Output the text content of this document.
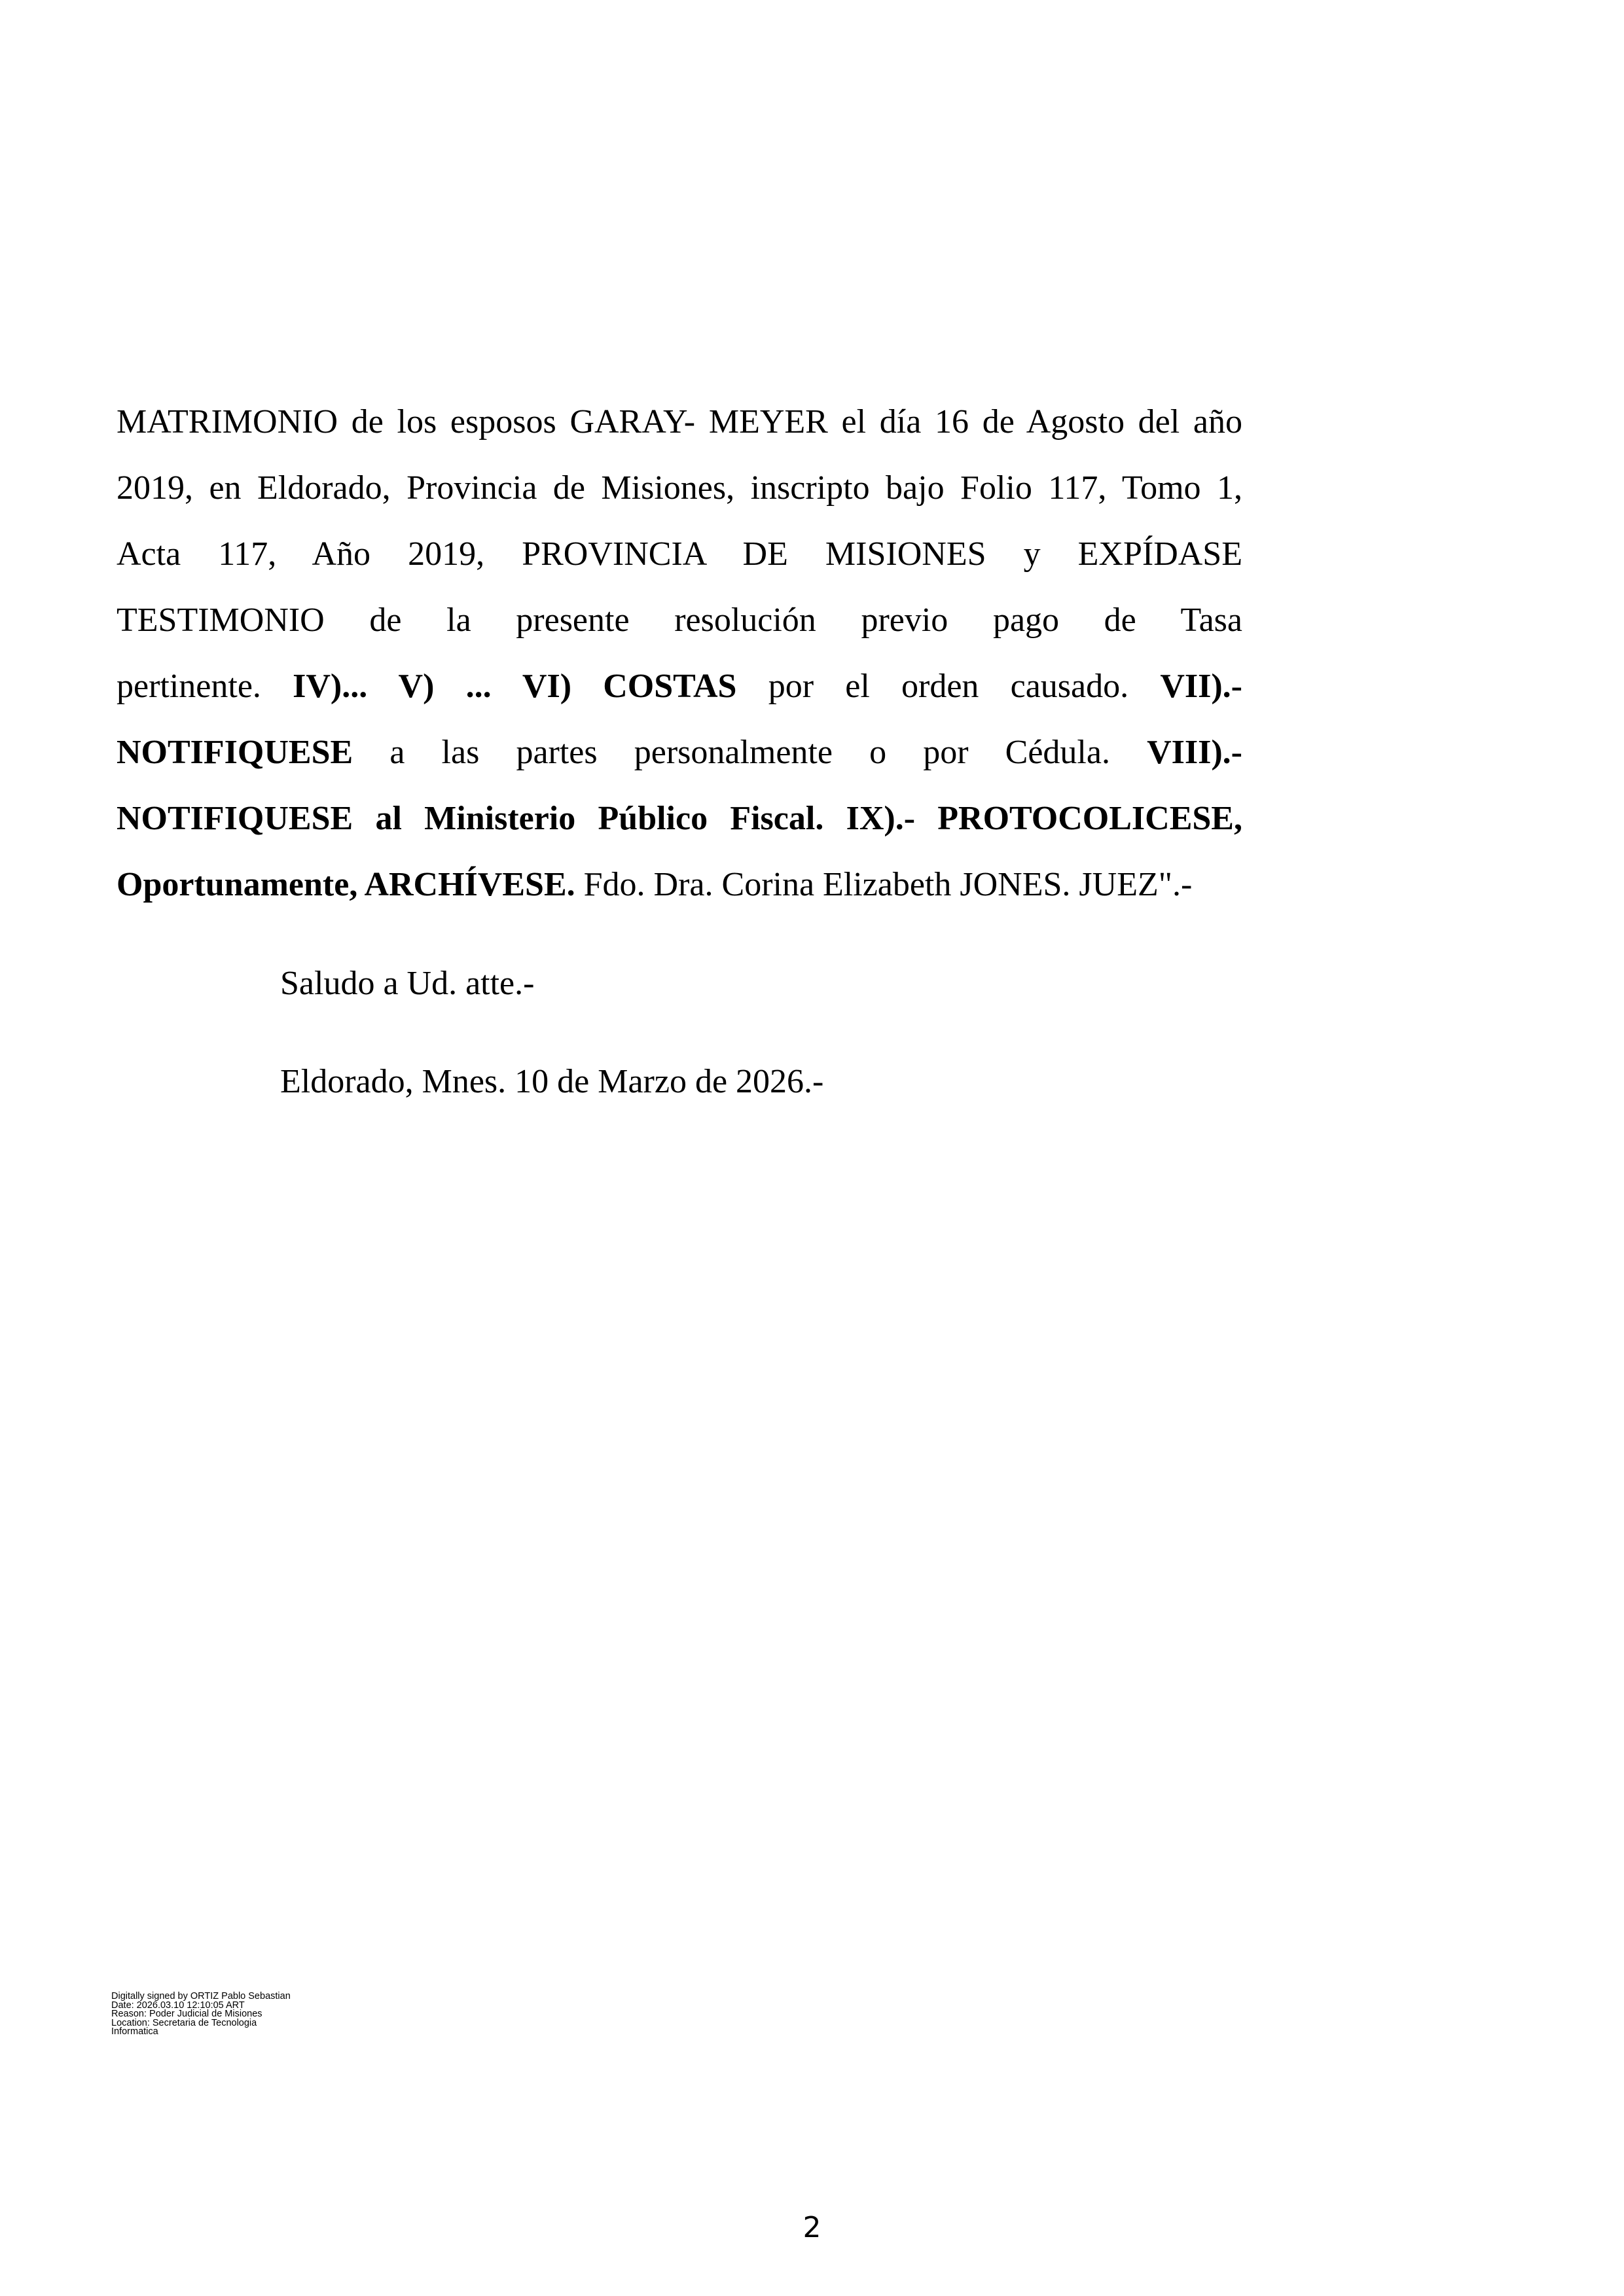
MATRIMONIO de los esposos GARAY- MEYER el día 16 de Agosto del año
2019, en Eldorado, Provincia de Misiones, inscripto bajo Folio 117, Tomo 1,
Acta 117, Año 2019, PROVINCIA DE MISIONES y EXPÍDASE
TESTIMONIO de la presente resolución previo pago de Tasa
pertinente. IV)... V) ... VI) COSTAS por el orden causado. VII).-
NOTIFIQUESE a las partes personalmente o por Cédula. VIII).-
NOTIFIQUESE al Ministerio Público Fiscal. IX).- PROTOCOLICESE,
Oportunamente, ARCHÍVESE. Fdo. Dra. Corina Elizabeth JONES. JUEZ".-
Saludo a Ud. atte.-
Eldorado, Mnes. 10 de Marzo de 2026.-
Digitally signed by ORTIZ Pablo Sebastian
Date: 2026.03.10 12:10:05 ART
Reason: Poder Judicial de Misiones
Location: Secretaria de Tecnologia
Informatica
2
